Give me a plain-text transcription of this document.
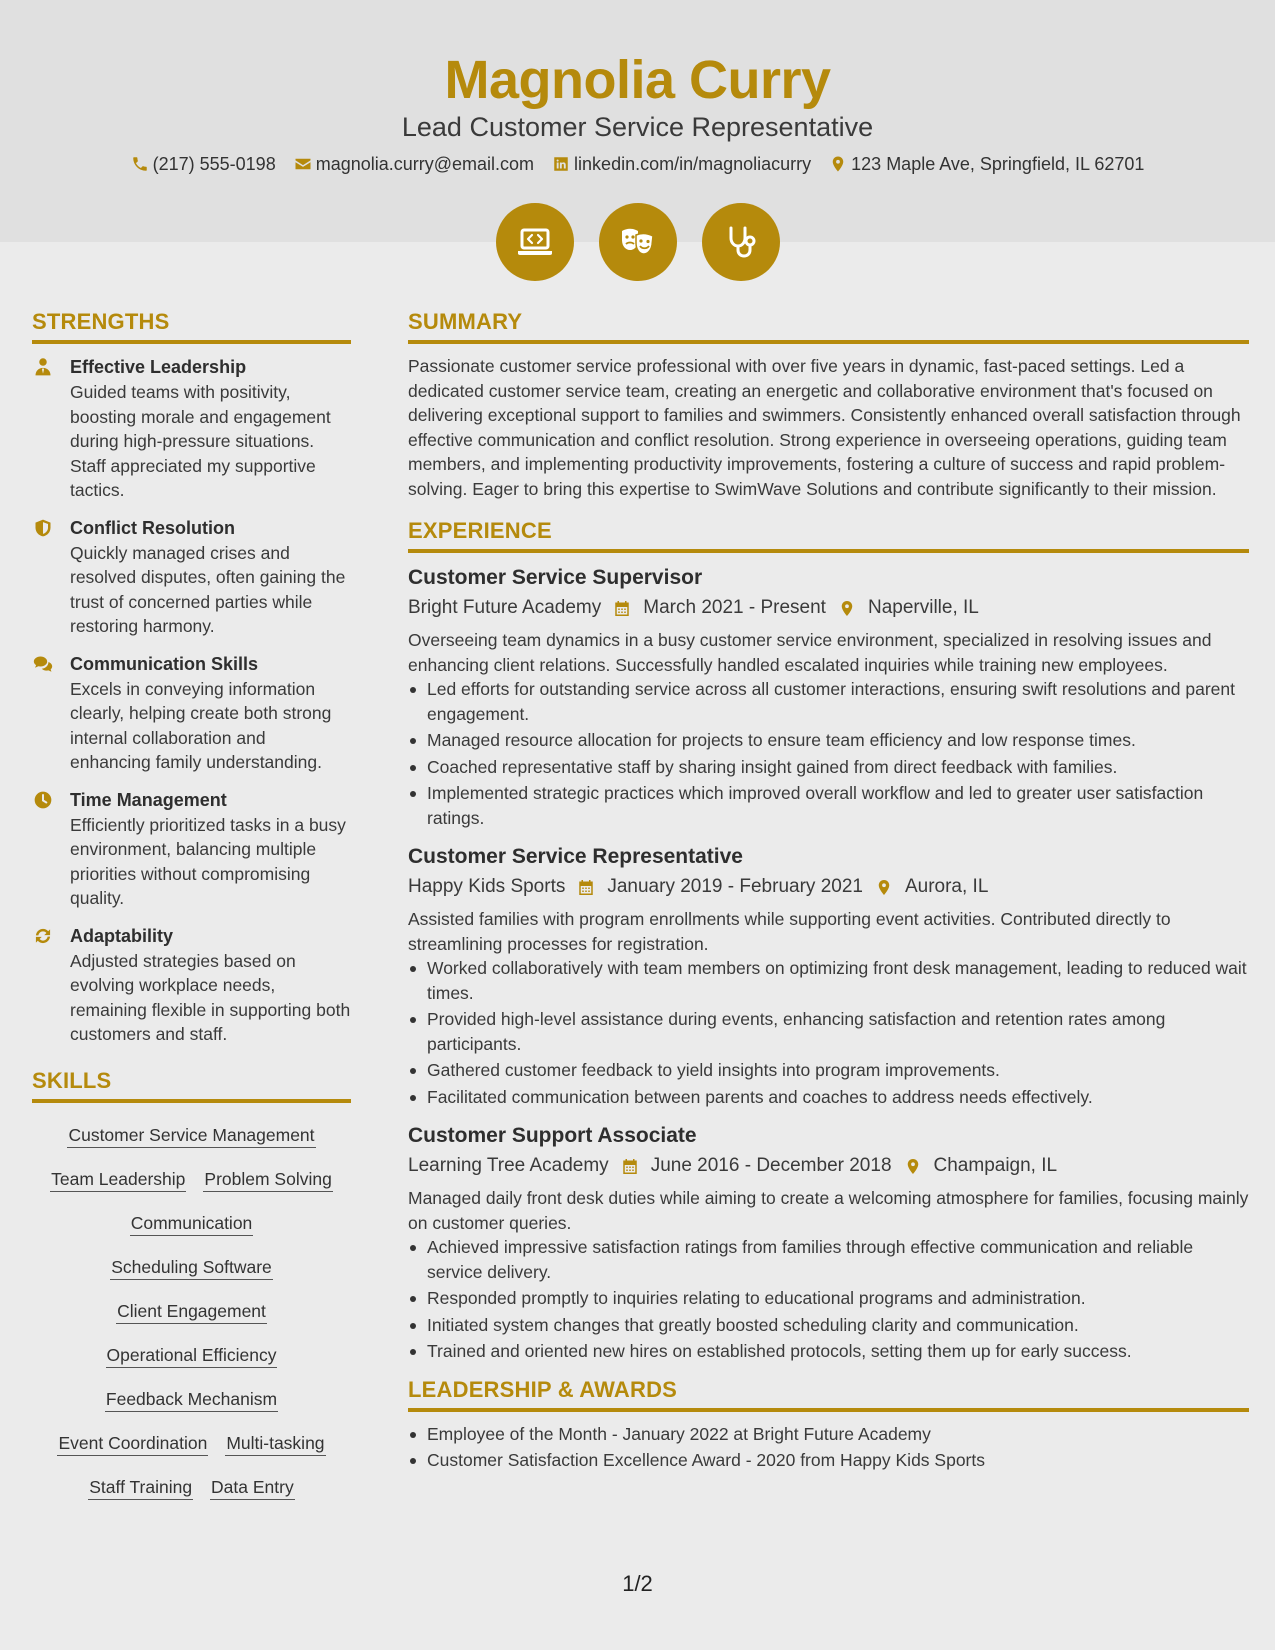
Magnolia Curry
Lead Customer Service Representative
(217) 555-0198 magnolia.curry@email.com linkedin.com/in/magnoliacurry 123 Maple Ave, Springfield, IL 62701
STRENGTHS
Effective Leadership
Guided teams with positivity, boosting morale and engagement during high-pressure situations. Staff appreciated my supportive tactics.
Conflict Resolution
Quickly managed crises and resolved disputes, often gaining the trust of concerned parties while restoring harmony.
Communication Skills
Excels in conveying information clearly, helping create both strong internal collaboration and enhancing family understanding.
Time Management
Efficiently prioritized tasks in a busy environment, balancing multiple priorities without compromising quality.
Adaptability
Adjusted strategies based on evolving workplace needs, remaining flexible in supporting both customers and staff.
SKILLS
Customer Service Management
Team Leadership Problem Solving
Communication
Scheduling Software
Client Engagement
Operational Efficiency
Feedback Mechanism
Event Coordination Multi-tasking
Staff Training Data Entry
SUMMARY
Passionate customer service professional with over five years in dynamic, fast-paced settings. Led a dedicated customer service team, creating an energetic and collaborative environment that's focused on delivering exceptional support to families and swimmers. Consistently enhanced overall satisfaction through effective communication and conflict resolution. Strong experience in overseeing operations, guiding team members, and implementing productivity improvements, fostering a culture of success and rapid problem-solving. Eager to bring this expertise to SwimWave Solutions and contribute significantly to their mission.
EXPERIENCE
Customer Service Supervisor
Bright Future Academy March 2021 - Present Naperville, IL
Overseeing team dynamics in a busy customer service environment, specialized in resolving issues and enhancing client relations. Successfully handled escalated inquiries while training new employees.
Led efforts for outstanding service across all customer interactions, ensuring swift resolutions and parent engagement.
Managed resource allocation for projects to ensure team efficiency and low response times.
Coached representative staff by sharing insight gained from direct feedback with families.
Implemented strategic practices which improved overall workflow and led to greater user satisfaction ratings.
Customer Service Representative
Happy Kids Sports January 2019 - February 2021 Aurora, IL
Assisted families with program enrollments while supporting event activities. Contributed directly to streamlining processes for registration.
Worked collaboratively with team members on optimizing front desk management, leading to reduced wait times.
Provided high-level assistance during events, enhancing satisfaction and retention rates among participants.
Gathered customer feedback to yield insights into program improvements.
Facilitated communication between parents and coaches to address needs effectively.
Customer Support Associate
Learning Tree Academy June 2016 - December 2018 Champaign, IL
Managed daily front desk duties while aiming to create a welcoming atmosphere for families, focusing mainly on customer queries.
Achieved impressive satisfaction ratings from families through effective communication and reliable service delivery.
Responded promptly to inquiries relating to educational programs and administration.
Initiated system changes that greatly boosted scheduling clarity and communication.
Trained and oriented new hires on established protocols, setting them up for early success.
LEADERSHIP & AWARDS
Employee of the Month - January 2022 at Bright Future Academy
Customer Satisfaction Excellence Award - 2020 from Happy Kids Sports
1/2
